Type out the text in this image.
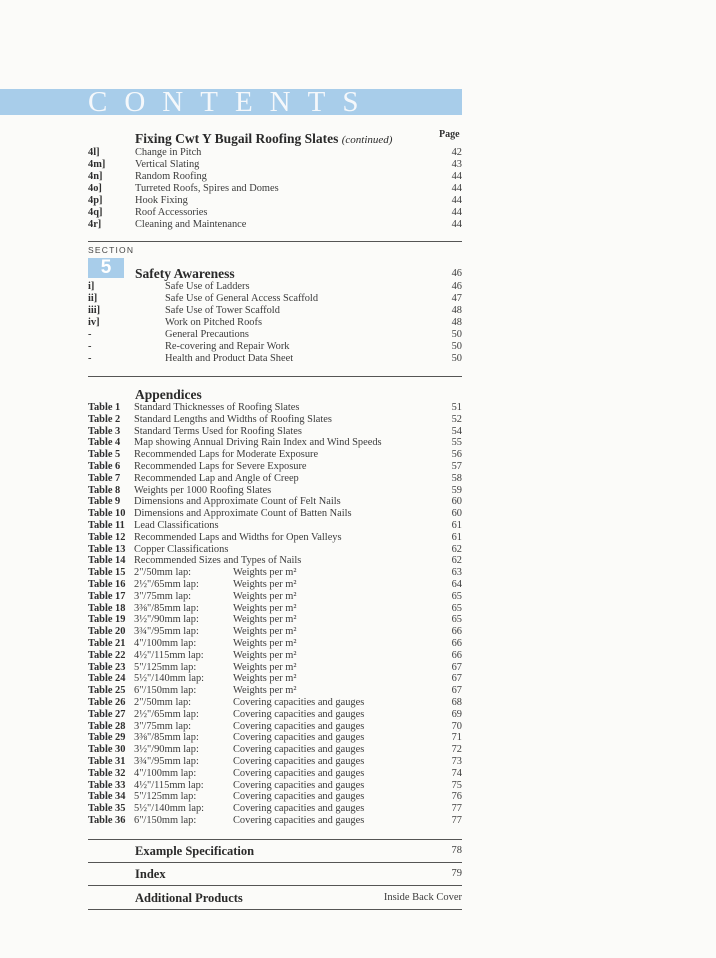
CONTENTS
Fixing Cwt Y Bugail Roofing Slates (continued)	Page
4l]	Change in Pitch	42
4m]	Vertical Slating	43
4n]	Random Roofing	44
4o]	Turreted Roofs, Spires and Domes	44
4p]	Hook Fixing	44
4q]	Roof Accessories	44
4r]	Cleaning and Maintenance	44
SECTION
5	Safety Awareness	46
i]	Safe Use of Ladders	46
ii]	Safe Use of General Access Scaffold	47
iii]	Safe Use of Tower Scaffold	48
iv]	Work on Pitched Roofs	48
-	General Precautions	50
-	Re-covering and Repair Work	50
-	Health and Product Data Sheet	50
Appendices
Table 1 Standard Thicknesses of Roofing Slates	51
Table 2 Standard Lengths and Widths of Roofing Slates	52
Table 3 Standard Terms Used for Roofing Slates	54
Table 4 Map showing Annual Driving Rain Index and Wind Speeds	55
Table 5 Recommended Laps for Moderate Exposure	56
Table 6 Recommended Laps for Severe Exposure	57
Table 7 Recommended Lap and Angle of Creep	58
Table 8 Weights per 1000 Roofing Slates	59
Table 9 Dimensions and Approximate Count of Felt Nails	60
Table 10 Dimensions and Approximate Count of Batten Nails	60
Table 11 Lead Classifications	61
Table 12 Recommended Laps and Widths for Open Valleys	61
Table 13 Copper Classifications	62
Table 14 Recommended Sizes and Types of Nails	62
Table 15 2"/50mm lap:	Weights per m²	63
Table 16 2½"/65mm lap:	Weights per m²	64
Table 17 3"/75mm lap:	Weights per m²	65
Table 18 3⅜"/85mm lap:	Weights per m²	65
Table 19 3½"/90mm lap:	Weights per m²	65
Table 20 3¾"/95mm lap:	Weights per m²	66
Table 21 4"/100mm lap:	Weights per m²	66
Table 22 4½"/115mm lap:	Weights per m²	66
Table 23 5"/125mm lap:	Weights per m²	67
Table 24 5½"/140mm lap:	Weights per m²	67
Table 25 6"/150mm lap:	Weights per m²	67
Table 26 2"/50mm lap:	Covering capacities and gauges	68
Table 27 2½"/65mm lap:	Covering capacities and gauges	69
Table 28 3"/75mm lap:	Covering capacities and gauges	70
Table 29 3⅜"/85mm lap:	Covering capacities and gauges	71
Table 30 3½"/90mm lap:	Covering capacities and gauges	72
Table 31 3¾"/95mm lap:	Covering capacities and gauges	73
Table 32 4"/100mm lap:	Covering capacities and gauges	74
Table 33 4½"/115mm lap:	Covering capacities and gauges	75
Table 34 5"/125mm lap:	Covering capacities and gauges	76
Table 35 5½"/140mm lap:	Covering capacities and gauges	77
Table 36 6"/150mm lap:	Covering capacities and gauges	77
Example Specification	78
Index	79
Additional Products	Inside Back Cover
